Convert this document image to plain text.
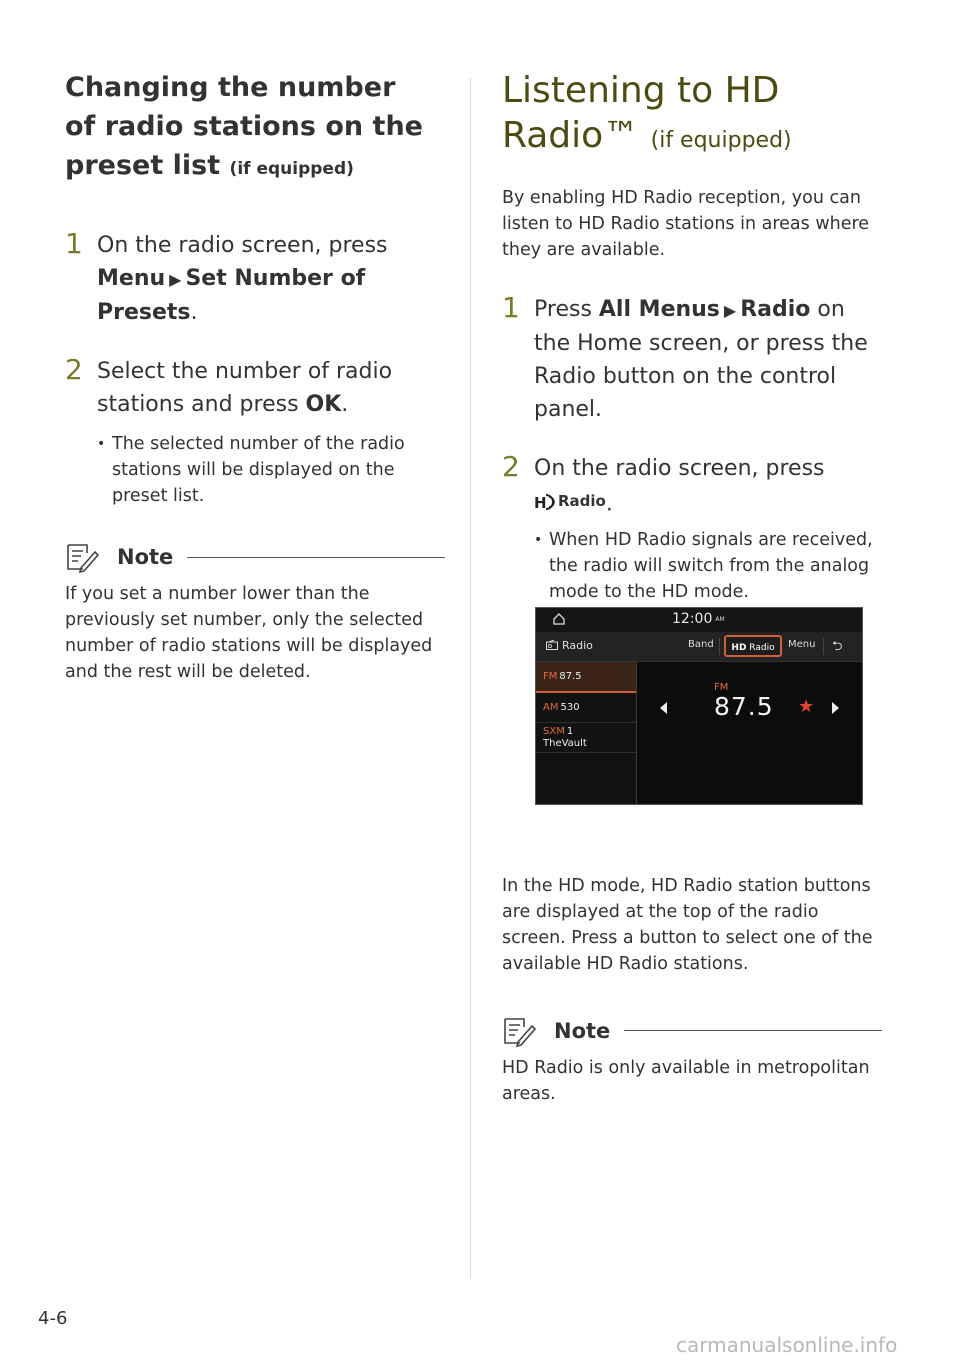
Changing the number
of radio stations on the
preset list (if equipped)
1 On the radio screen, press
Menu ▶ Set Number of Presets.
2 Select the number of radio stations and press OK.
• The selected number of the radio stations will be displayed on the preset list.
Note

If you set a number lower than the previously set number, only the selected number of radio stations will be displayed and the rest will be deleted.

Listening to HD
Radio™ (if equipped)

By enabling HD Radio reception, you can listen to HD Radio stations in areas where they are available.

1 Press All Menus ▶ Radio on the Home screen, or press the Radio button on the control panel.
2 On the radio screen, press

H Radio .
• When HD Radio signals are received, the radio will switch from the analog mode to the HD mode.

In the HD mode, HD Radio station buttons are displayed at the top of the radio screen. Press a button to select one of the available HD Radio stations.

Note

HD Radio is only available in metropolitan areas.

12:00 AM
Radio	Band	HD Radio	Menu ⮌
FM 87.5
AM 530
SXM 1
TheVault
FM
87.5 ★
4-6
carmanualsonline.info
